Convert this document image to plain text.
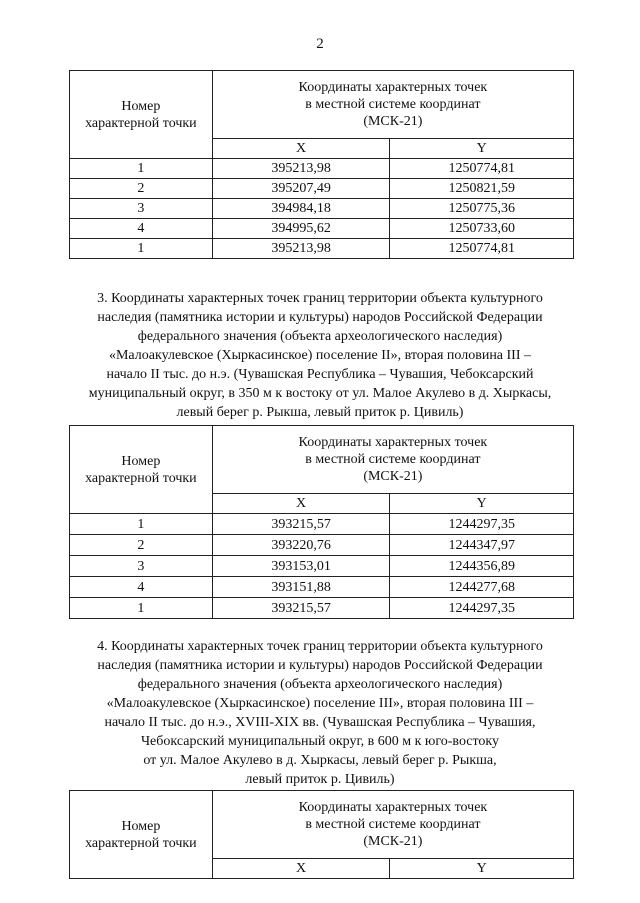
2
Номер
характерной точки	Координаты характерных точек
в местной системе координат
(МСК-21)	

	X	Y
1	395213,98	1250774,81
2	395207,49	1250821,59
3	394984,18	1250775,36
4	394995,62	1250733,60
1	395213,98	1250774,81
3. Координаты характерных точек границ территории объекта культурного
наследия (памятника истории и культуры) народов Российской Федерации
федерального значения (объекта археологического наследия)
«Малоакулевское (Хыркасинское) поселение II», вторая половина III –
начало II тыс. до н.э. (Чувашская Республика – Чувашия, Чебоксарский
муниципальный округ, в 350 м к востоку от ул. Малое Акулево в д. Хыркасы,
левый берег р. Рыкша, левый приток р. Цивиль)
Номер
характерной точки	Координаты характерных точек
в местной системе координат
(МСК-21)	

	X	Y
1	393215,57	1244297,35
2	393220,76	1244347,97
3	393153,01	1244356,89
4	393151,88	1244277,68
1	393215,57	1244297,35
4. Координаты характерных точек границ территории объекта культурного
наследия (памятника истории и культуры) народов Российской Федерации
федерального значения (объекта археологического наследия)
«Малоакулевское (Хыркасинское) поселение III», вторая половина III –
начало II тыс. до н.э., XVIII-XIX вв. (Чувашская Республика – Чувашия,
Чебоксарский муниципальный округ, в 600 м к юго-востоку
от ул. Малое Акулево в д. Хыркасы, левый берег р. Рыкша,
левый приток р. Цивиль)
Номер
характерной точки	Координаты характерных точек
в местной системе координат
(МСК-21)	

	X	Y
